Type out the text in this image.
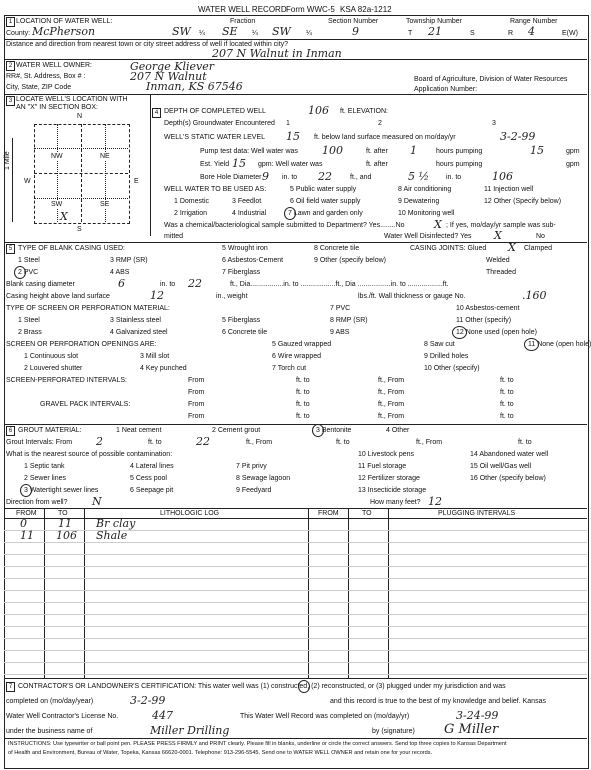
WATER WELL RECORD Form WWC-5 KSA 82a-1212
1 LOCATION OF WATER WELL:	Fraction	Section Number	Township Number	Range Number
County: McPherson	SW ¼ SE ¼ SW ¼	9	T 21	S	R 4	E(W)
Distance and direction from nearest town or city street address of well if located within city?
207 N Walnut in Inman
2 WATER WELL OWNER:	George Kliever
RR#, St. Address, Box # :	207 N Walnut
City, State, ZIP Code	Inman, KS 67546
Board of Agriculture, Division of Water Resources
Application Number:
3 LOCATE WELL'S LOCATION WITH
AN "X" IN SECTION BOX:
N
W	E
S
1 Mile	NW	NE
SW	SE
X
4 DEPTH OF COMPLETED WELL	106 ft. ELEVATION:
Depth(s) Groundwater Encountered 1	2	3
WELL'S STATIC WATER LEVEL 15 ft. below land surface measured on mo/day/yr	3-2-99
Pump test data: Well water was 100	ft. after 1	hours pumping	15	gpm
Est. Yield 15 gpm: Well water was	ft. after	hours pumping	gpm
Bore Hole Diameter 9 in. to 22	ft., and	5 ½ in. to	106
WELL WATER TO BE USED AS:	5 Public water supply	8 Air conditioning	11 Injection well
1 Domestic	3 Feedlot	6 Oil field water supply	9 Dewatering	12 Other (Specify below)
2 Irrigation	4 Industrial	7 Lawn and garden only	10 Monitoring well
Was a chemical/bacteriological sample submitted to Department? Yes........No	X ; If yes, mo/day/yr sample was sub-
mitted	Water Well Disinfected? Yes X	No
5 TYPE OF BLANK CASING USED:	5 Wrought iron	8 Concrete tile	CASING JOINTS: Glued X Clamped
1 Steel	3 RMP (SR)	6 Asbestos-Cement	9 Other (specify below)	Welded
2 PVC	4 ABS	7 Fiberglass	Threaded
Blank casing diameter	6	in. to 22	ft., Dia.................in. to ..................ft., Dia .................in. to ..................ft.
Casing height above land surface	12	in., weight	lbs./ft. Wall thickness or gauge No.	.160
TYPE OF SCREEN OR PERFORATION MATERIAL:	7 PVC	10 Asbestos-cement
1 Steel	3 Stainless steel	5 Fiberglass	8 RMP (SR)	11 Other (specify)
2 Brass	4 Galvanized steel	6 Concrete tile	9 ABS	12 None used (open hole)
SCREEN OR PERFORATION OPENINGS ARE:	5 Gauzed wrapped	8 Saw cut	11 None (open hole)
1 Continuous slot	3 Mill slot	6 Wire wrapped	9 Drilled holes
2 Louvered shutter	4 Key punched	7 Torch cut	10 Other (specify)
SCREEN-PERFORATED INTERVALS:	From	ft. to	ft., From	ft. to
From	ft. to	ft., From	ft. to
GRAVEL PACK INTERVALS:	From	ft. to	ft., From	ft. to
From	ft. to	ft., From	ft. to
6 GROUT MATERIAL:	1 Neat cement	2 Cement grout	3 Bentonite	4 Other
Grout Intervals: From 2	ft. to	22	ft., From	ft. to	ft., From	ft. to
What is the nearest source of possible contamination:	10 Livestock pens	14 Abandoned water well
1 Septic tank	4 Lateral lines	7 Pit privy	11 Fuel storage	15 Oil well/Gas well
2 Sewer lines	5 Cess pool	8 Sewage lagoon	12 Fertilizer storage	16 Other (specify below)
3 Watertight sewer lines	6 Seepage pit	9 Feedyard	13 Insecticide storage
Direction from well? N	How many feet? 12
FROM	TO	LITHOLOGIC LOG	FROM	TO	PLUGGING INTERVALS
0	11 Br clay
11 106 Shale
7 CONTRACTOR'S OR LANDOWNER'S CERTIFICATION: This water well was (1) constructed, (2) reconstructed, or (3) plugged under my jurisdiction and was
completed on (mo/day/year)	3-2-99	and this record is true to the best of my knowledge and belief. Kansas
Water Well Contractor's License No.	447	This Water Well Record was completed on (mo/day/yr)	3-24-99
under the business name of	Miller Drilling	by (signature) G Miller
INSTRUCTIONS: Use typewriter or ball point pen. PLEASE PRESS FIRMLY and PRINT clearly. Please fill in blanks, underline or circle the correct answers. Send top three copies to Kansas Department
of Health and Environment, Bureau of Water, Topeka, Kansas 66620-0001. Telephone: 913-296-5545. Send one to WATER WELL OWNER and retain one for your records.
